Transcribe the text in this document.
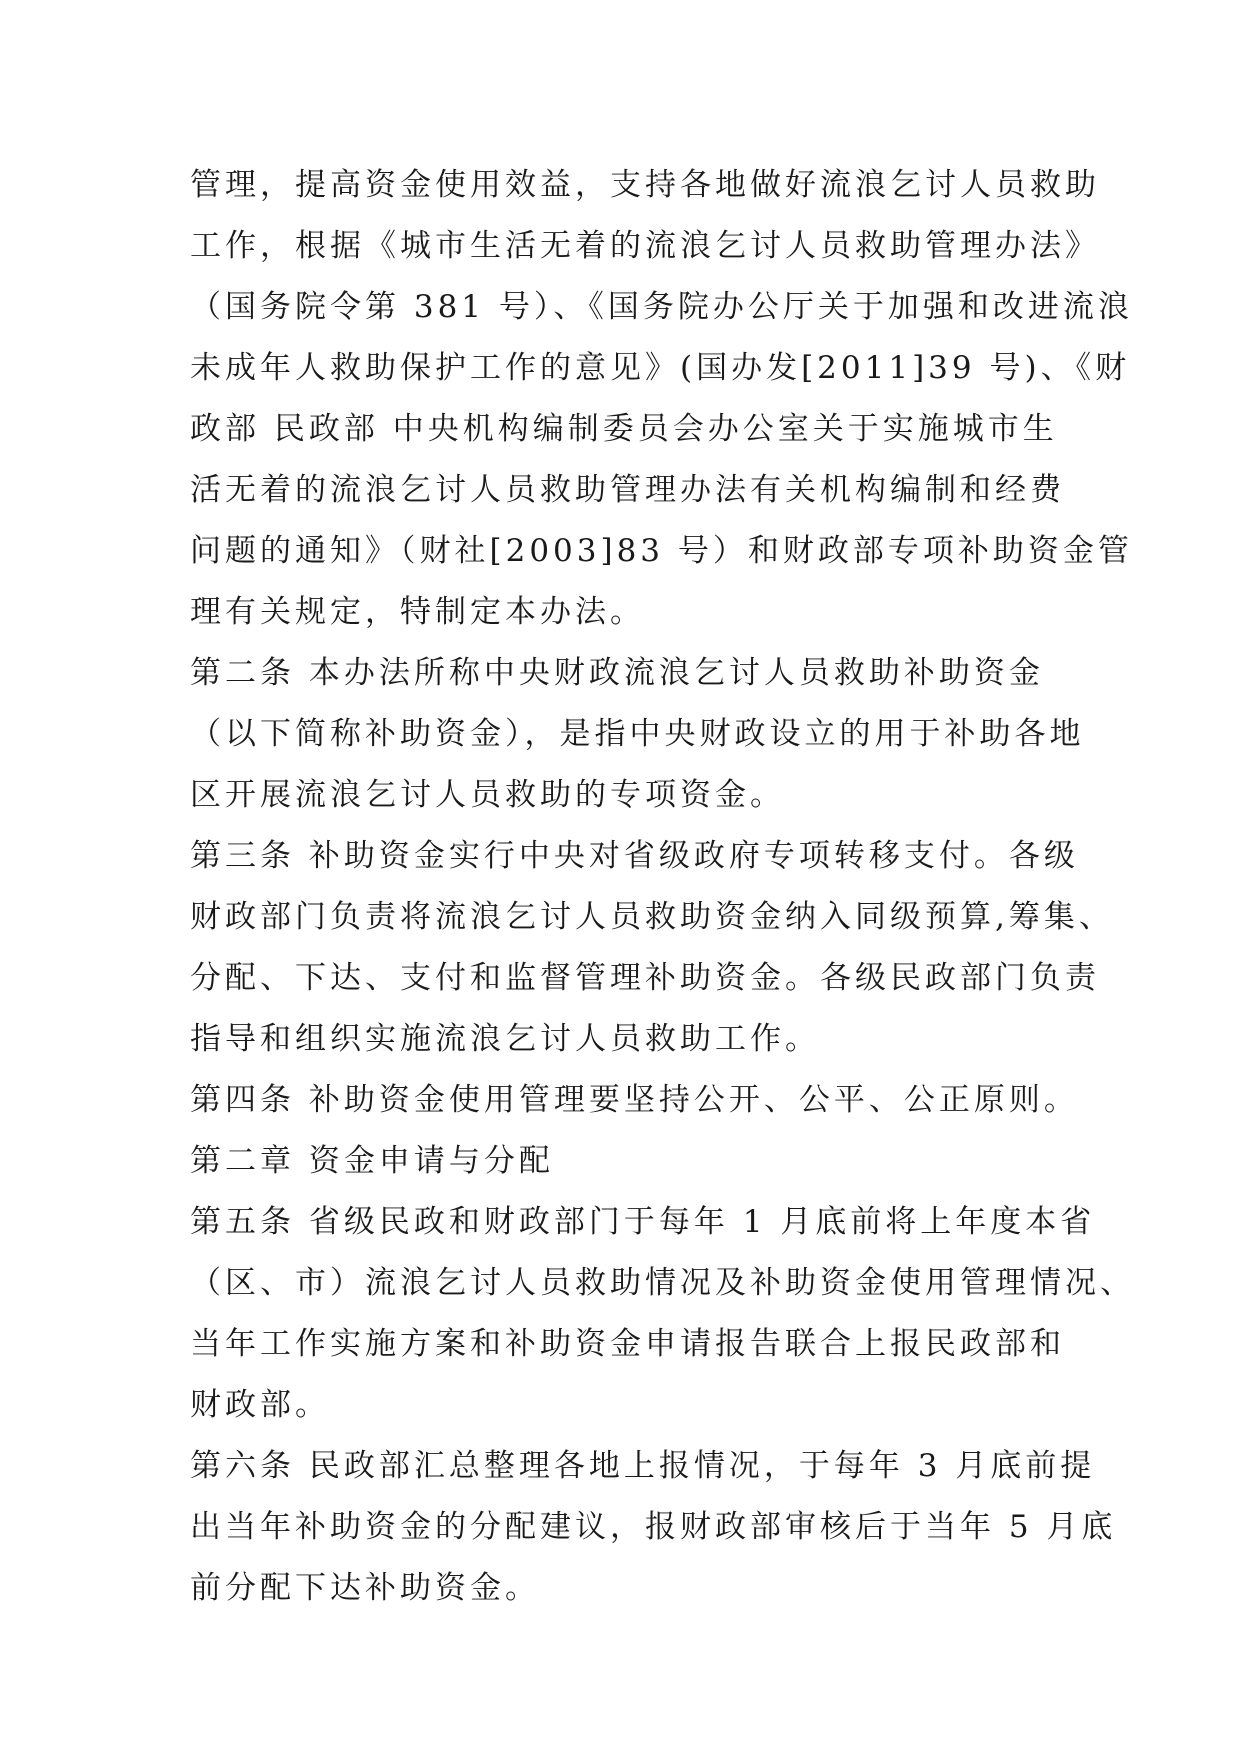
管理，提高资金使用效益，支持各地做好流浪乞讨人员救助
工作，根据《城市生活无着的流浪乞讨人员救助管理办法》
（国务院令第 381 号）、《国务院办公厅关于加强和改进流浪
未成年人救助保护工作的意见》(国办发[2011]39 号)、《财
政部 民政部 中央机构编制委员会办公室关于实施城市生
活无着的流浪乞讨人员救助管理办法有关机构编制和经费
问题的通知》（财社[2003]83 号）和财政部专项补助资金管
理有关规定，特制定本办法。
第二条 本办法所称中央财政流浪乞讨人员救助补助资金
（以下简称补助资金），是指中央财政设立的用于补助各地
区开展流浪乞讨人员救助的专项资金。
第三条 补助资金实行中央对省级政府专项转移支付。各级
财政部门负责将流浪乞讨人员救助资金纳入同级预算,筹集、
分配、下达、支付和监督管理补助资金。各级民政部门负责
指导和组织实施流浪乞讨人员救助工作。
第四条 补助资金使用管理要坚持公开、公平、公正原则。
第二章 资金申请与分配
第五条 省级民政和财政部门于每年 1 月底前将上年度本省
（区、市）流浪乞讨人员救助情况及补助资金使用管理情况、
当年工作实施方案和补助资金申请报告联合上报民政部和
财政部。
第六条 民政部汇总整理各地上报情况，于每年 3 月底前提
出当年补助资金的分配建议，报财政部审核后于当年 5 月底
前分配下达补助资金。
